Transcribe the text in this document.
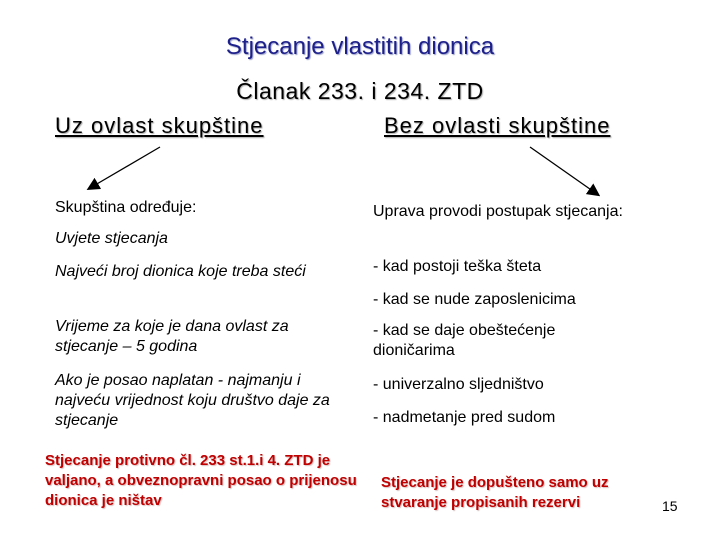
Stjecanje vlastitih dionica
Članak 233. i 234. ZTD
Uz ovlast skupštine	Bez ovlasti skupštine
Skupština određuje:
Uvjete stjecanja
Najveći broj dionica koje treba steći
Vrijeme za koje je dana ovlast za stjecanje – 5 godina
Ako je posao naplatan - najmanju i najveću vrijednost koju društvo daje za stjecanje
Uprava provodi postupak stjecanja:
- kad postoji teška šteta
- kad se nude zaposlenicima
- kad se daje obeštećenje dioničarima
- univerzalno sljedništvo
- nadmetanje pred sudom
Stjecanje protivno čl. 233 st.1.i 4. ZTD je valjano, a obveznopravni posao o prijenosu dionica je ništav
Stjecanje je dopušteno samo uz stvaranje propisanih rezervi	15
